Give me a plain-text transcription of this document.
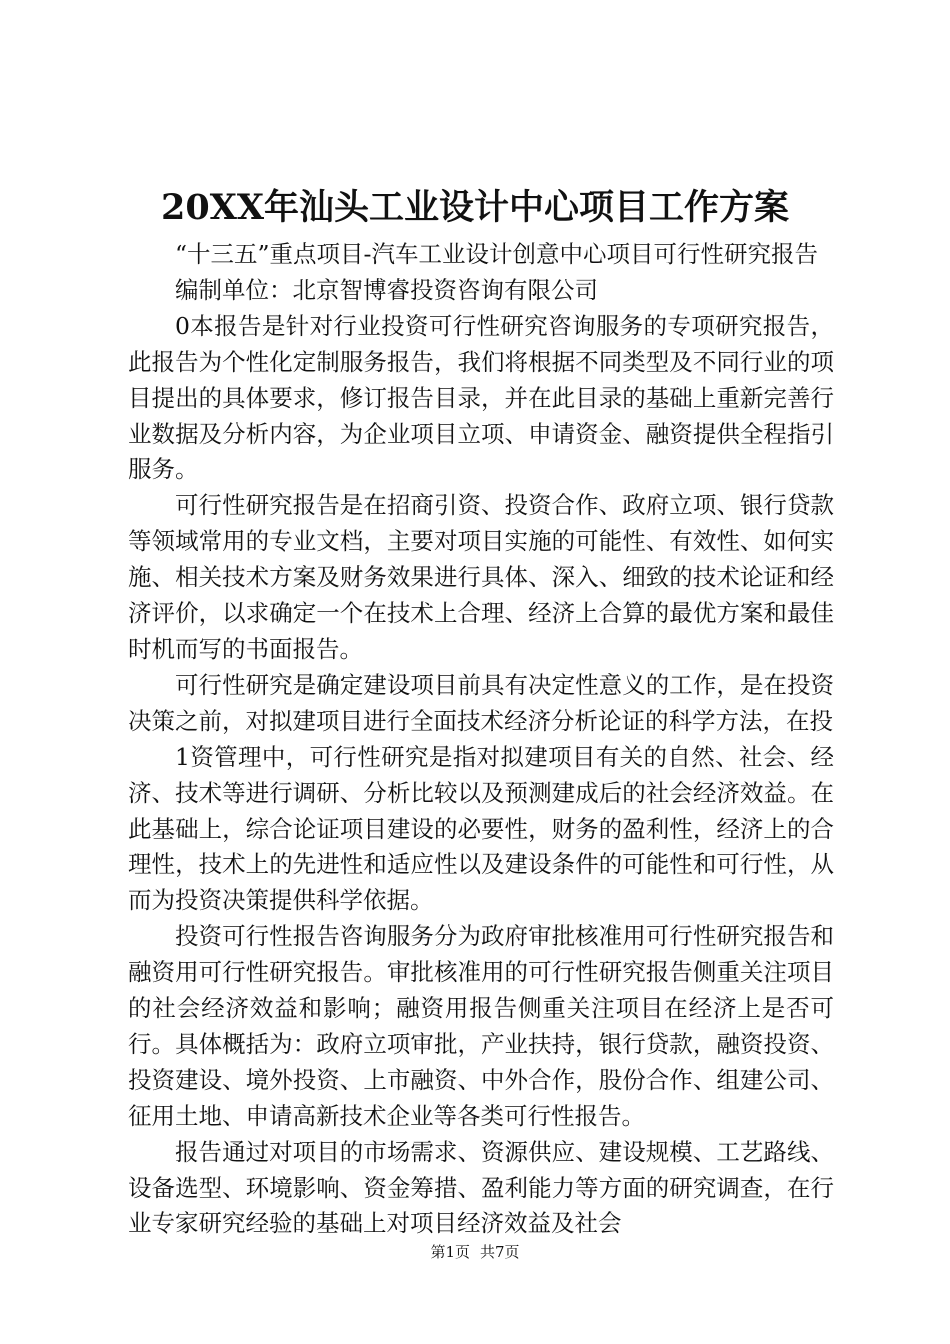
20XX年汕头工业设计中心项目工作方案

“十三五”重点项目-汽车工业设计创意中心项目可行性研究报告

编制单位：北京智博睿投资咨询有限公司

0本报告是针对行业投资可行性研究咨询服务的专项研究报告，此报告为个性化定制服务报告，我们将根据不同类型及不同行业的项目提出的具体要求，修订报告目录，并在此目录的基础上重新完善行业数据及分析内容，为企业项目立项、申请资金、融资提供全程指引服务。

可行性研究报告是在招商引资、投资合作、政府立项、银行贷款等领域常用的专业文档，主要对项目实施的可能性、有效性、如何实施、相关技术方案及财务效果进行具体、深入、细致的技术论证和经济评价，以求确定一个在技术上合理、经济上合算的最优方案和最佳时机而写的书面报告。

可行性研究是确定建设项目前具有决定性意义的工作，是在投资决策之前，对拟建项目进行全面技术经济分析论证的科学方法，在投

1资管理中，可行性研究是指对拟建项目有关的自然、社会、经济、技术等进行调研、分析比较以及预测建成后的社会经济效益。在此基础上，综合论证项目建设的必要性，财务的盈利性，经济上的合理性，技术上的先进性和适应性以及建设条件的可能性和可行性，从而为投资决策提供科学依据。

投资可行性报告咨询服务分为政府审批核准用可行性研究报告和融资用可行性研究报告。审批核准用的可行性研究报告侧重关注项目的社会经济效益和影响；融资用报告侧重关注项目在经济上是否可行。具体概括为：政府立项审批，产业扶持，银行贷款，融资投资、投资建设、境外投资、上市融资、中外合作，股份合作、组建公司、征用土地、申请高新技术企业等各类可行性报告。

报告通过对项目的市场需求、资源供应、建设规模、工艺路线、设备选型、环境影响、资金筹措、盈利能力等方面的研究调查，在行业专家研究经验的基础上对项目经济效益及社会

第1页 共7页
